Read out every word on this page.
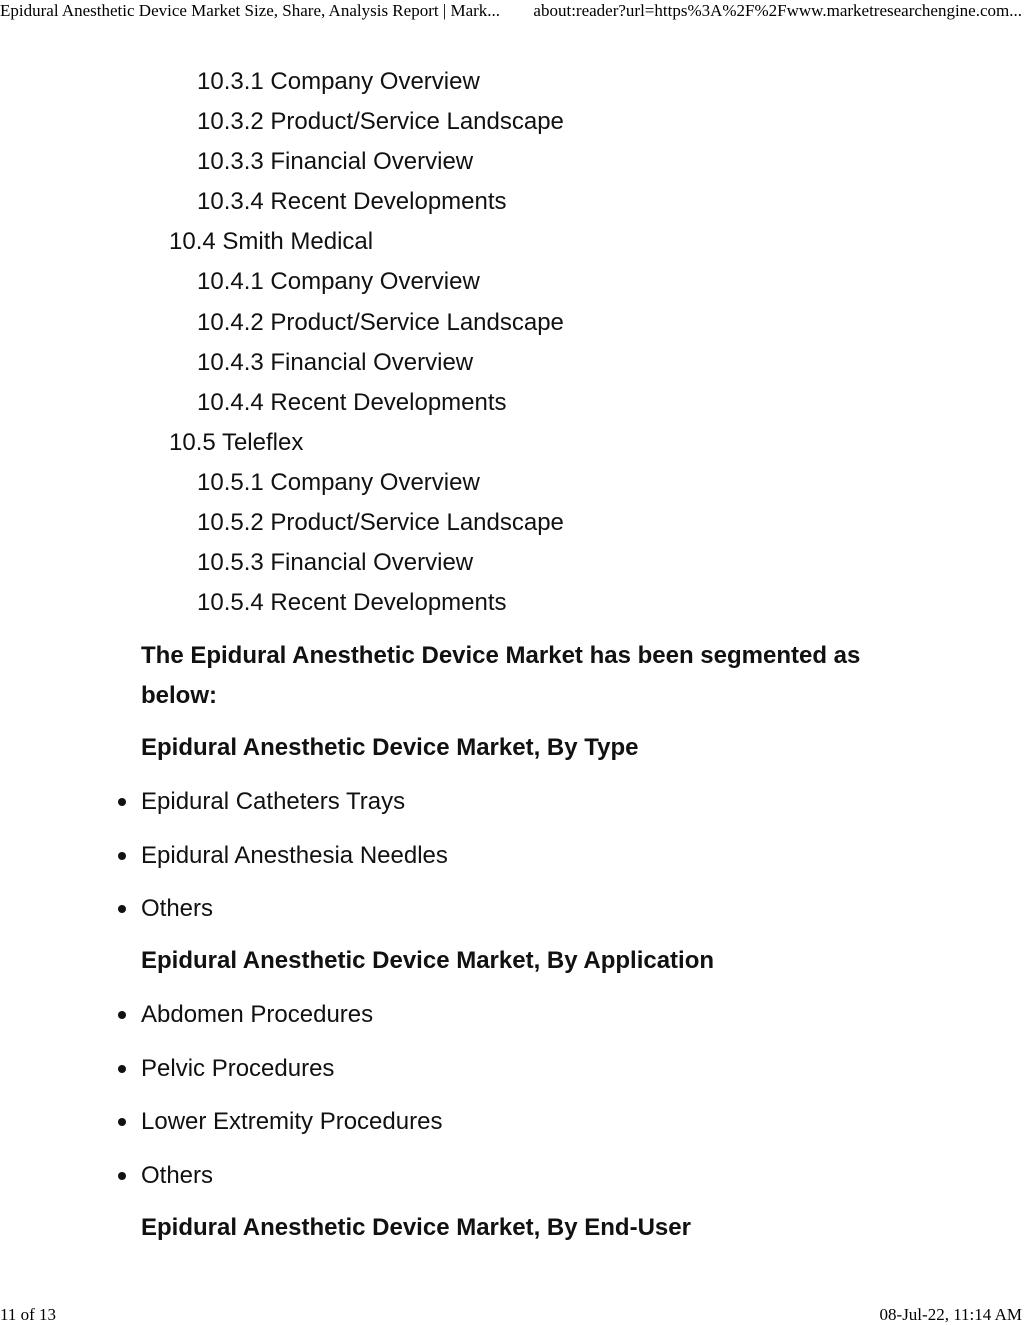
Epidural Anesthetic Device Market Size, Share, Analysis Report | Mark... about:reader?url=https%3A%2F%2Fwww.marketresearchengine.com...
10.3.1 Company Overview
10.3.2 Product/Service Landscape
10.3.3 Financial Overview
10.3.4 Recent Developments
10.4 Smith Medical
10.4.1 Company Overview
10.4.2 Product/Service Landscape
10.4.3 Financial Overview
10.4.4 Recent Developments
10.5 Teleflex
10.5.1 Company Overview
10.5.2 Product/Service Landscape
10.5.3 Financial Overview
10.5.4 Recent Developments

The Epidural Anesthetic Device Market has been segmented as below:

Epidural Anesthetic Device Market, By Type

Epidural Catheters Trays
Epidural Anesthesia Needles
Others

Epidural Anesthetic Device Market, By Application

Abdomen Procedures
Pelvic Procedures
Lower Extremity Procedures
Others

Epidural Anesthetic Device Market, By End-User

11 of 13	08-Jul-22, 11:14 AM
